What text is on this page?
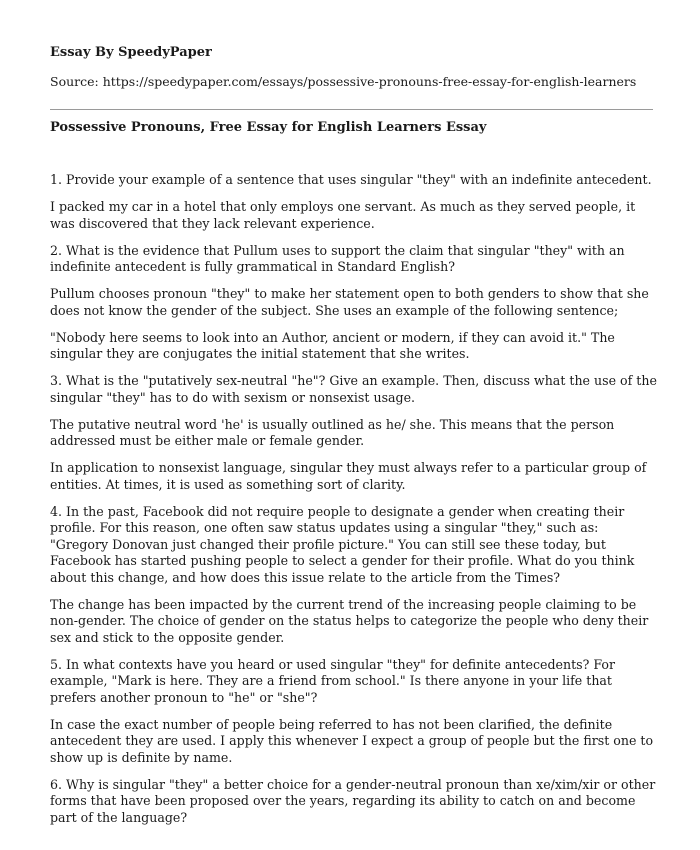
Essay By SpeedyPaper
Source: https://speedypaper.com/essays/possessive-pronouns-free-essay-for-english-learners
Possessive Pronouns, Free Essay for English Learners Essay

1. Provide your example of a sentence that uses singular "they" with an indefinite antecedent.

I packed my car in a hotel that only employs one servant. As much as they served people, it was discovered that they lack relevant experience.

2. What is the evidence that Pullum uses to support the claim that singular "they" with an indefinite antecedent is fully grammatical in Standard English?

Pullum chooses pronoun "they" to make her statement open to both genders to show that she does not know the gender of the subject. She uses an example of the following sentence;

"Nobody here seems to look into an Author, ancient or modern, if they can avoid it." The singular they are conjugates the initial statement that she writes.

3. What is the "putatively sex-neutral "he"? Give an example. Then, discuss what the use of the singular "they" has to do with sexism or nonsexist usage.

The putative neutral word 'he' is usually outlined as he/ she. This means that the person addressed must be either male or female gender.

In application to nonsexist language, singular they must always refer to a particular group of entities. At times, it is used as something sort of clarity.

4. In the past, Facebook did not require people to designate a gender when creating their profile. For this reason, one often saw status updates using a singular "they," such as: "Gregory Donovan just changed their profile picture." You can still see these today, but Facebook has started pushing people to select a gender for their profile. What do you think about this change, and how does this issue relate to the article from the Times?

The change has been impacted by the current trend of the increasing people claiming to be non-gender. The choice of gender on the status helps to categorize the people who deny their sex and stick to the opposite gender.

5. In what contexts have you heard or used singular "they" for definite antecedents? For example, "Mark is here. They are a friend from school." Is there anyone in your life that prefers another pronoun to "he" or "she"?

In case the exact number of people being referred to has not been clarified, the definite antecedent they are used. I apply this whenever I expect a group of people but the first one to show up is definite by name.

6. Why is singular "they" a better choice for a gender-neutral pronoun than xe/xim/xir or other forms that have been proposed over the years, regarding its ability to catch on and become part of the language?
